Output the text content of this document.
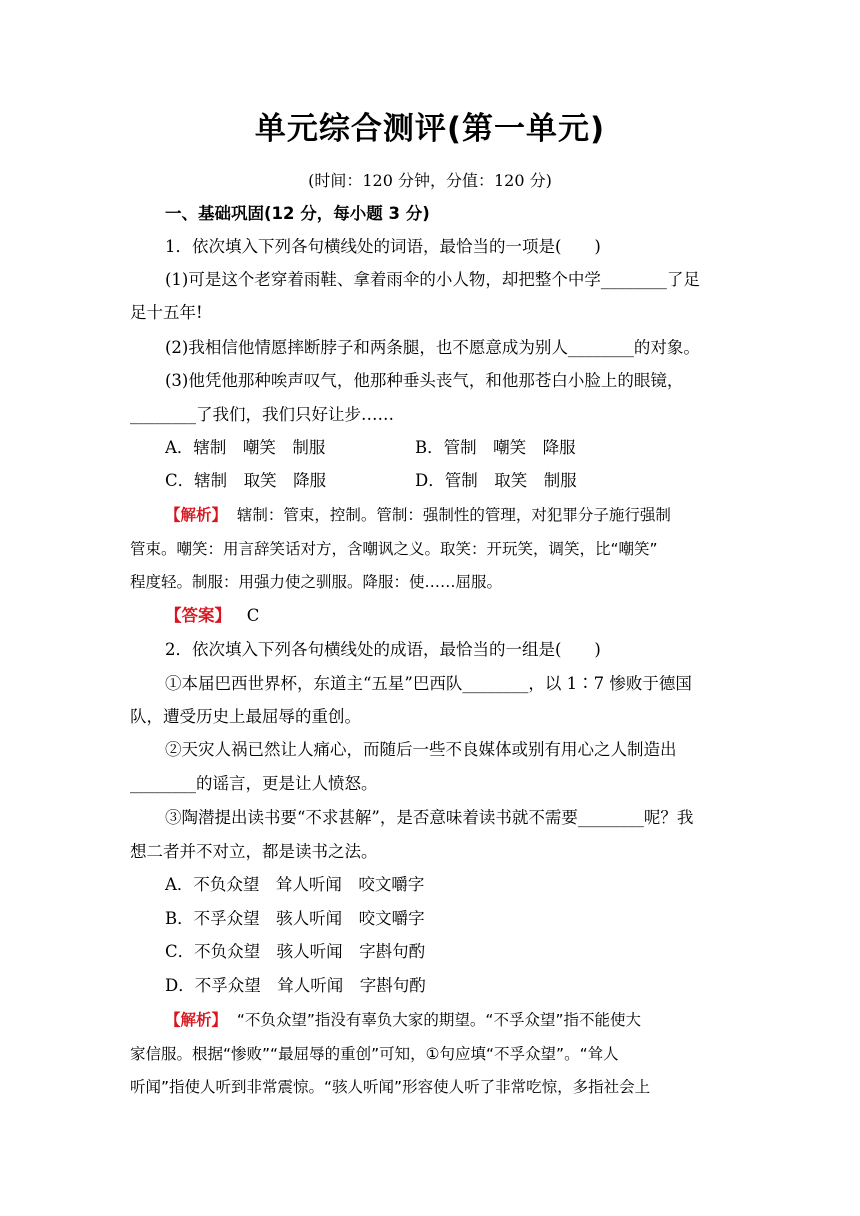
单元综合测评(第一单元)
(时间：120 分钟，分值：120 分)
一、基础巩固(12 分，每小题 3 分)
1．依次填入下列各句横线处的词语，最恰当的一项是(　　)
(1)可是这个老穿着雨鞋、拿着雨伞的小人物，却把整个中学________了足
足十五年!
(2)我相信他情愿摔断脖子和两条腿，也不愿意成为别人________的对象。
(3)他凭他那种唉声叹气，他那种垂头丧气，和他那苍白小脸上的眼镜，
________了我们，我们只好让步……
A．辖制　嘲笑　制服	B．管制　嘲笑　降服
C．辖制　取笑　降服	D．管制　取笑　制服
【解析】 辖制：管束，控制。管制：强制性的管理，对犯罪分子施行强制
管束。嘲笑：用言辞笑话对方，含嘲讽之义。取笑：开玩笑，调笑，比“嘲笑”
程度轻。制服：用强力使之驯服。降服：使……屈服。
【答案】 C
2．依次填入下列各句横线处的成语，最恰当的一组是(　　)
①本届巴西世界杯，东道主“五星”巴西队________，以 1∶7 惨败于德国
队，遭受历史上最屈辱的重创。
②天灾人祸已然让人痛心，而随后一些不良媒体或别有用心之人制造出
________的谣言，更是让人愤怒。
③陶潜提出读书要“不求甚解”，是否意味着读书就不需要________呢？我
想二者并不对立，都是读书之法。
A．不负众望　耸人听闻　咬文嚼字
B．不孚众望　骇人听闻　咬文嚼字
C．不负众望　骇人听闻　字斟句酌
D．不孚众望　耸人听闻　字斟句酌
【解析】 “不负众望”指没有辜负大家的期望。“不孚众望”指不能使大
家信服。根据“惨败”“最屈辱的重创”可知，①句应填“不孚众望”。“耸人
听闻”指使人听到非常震惊。“骇人听闻”形容使人听了非常吃惊，多指社会上
